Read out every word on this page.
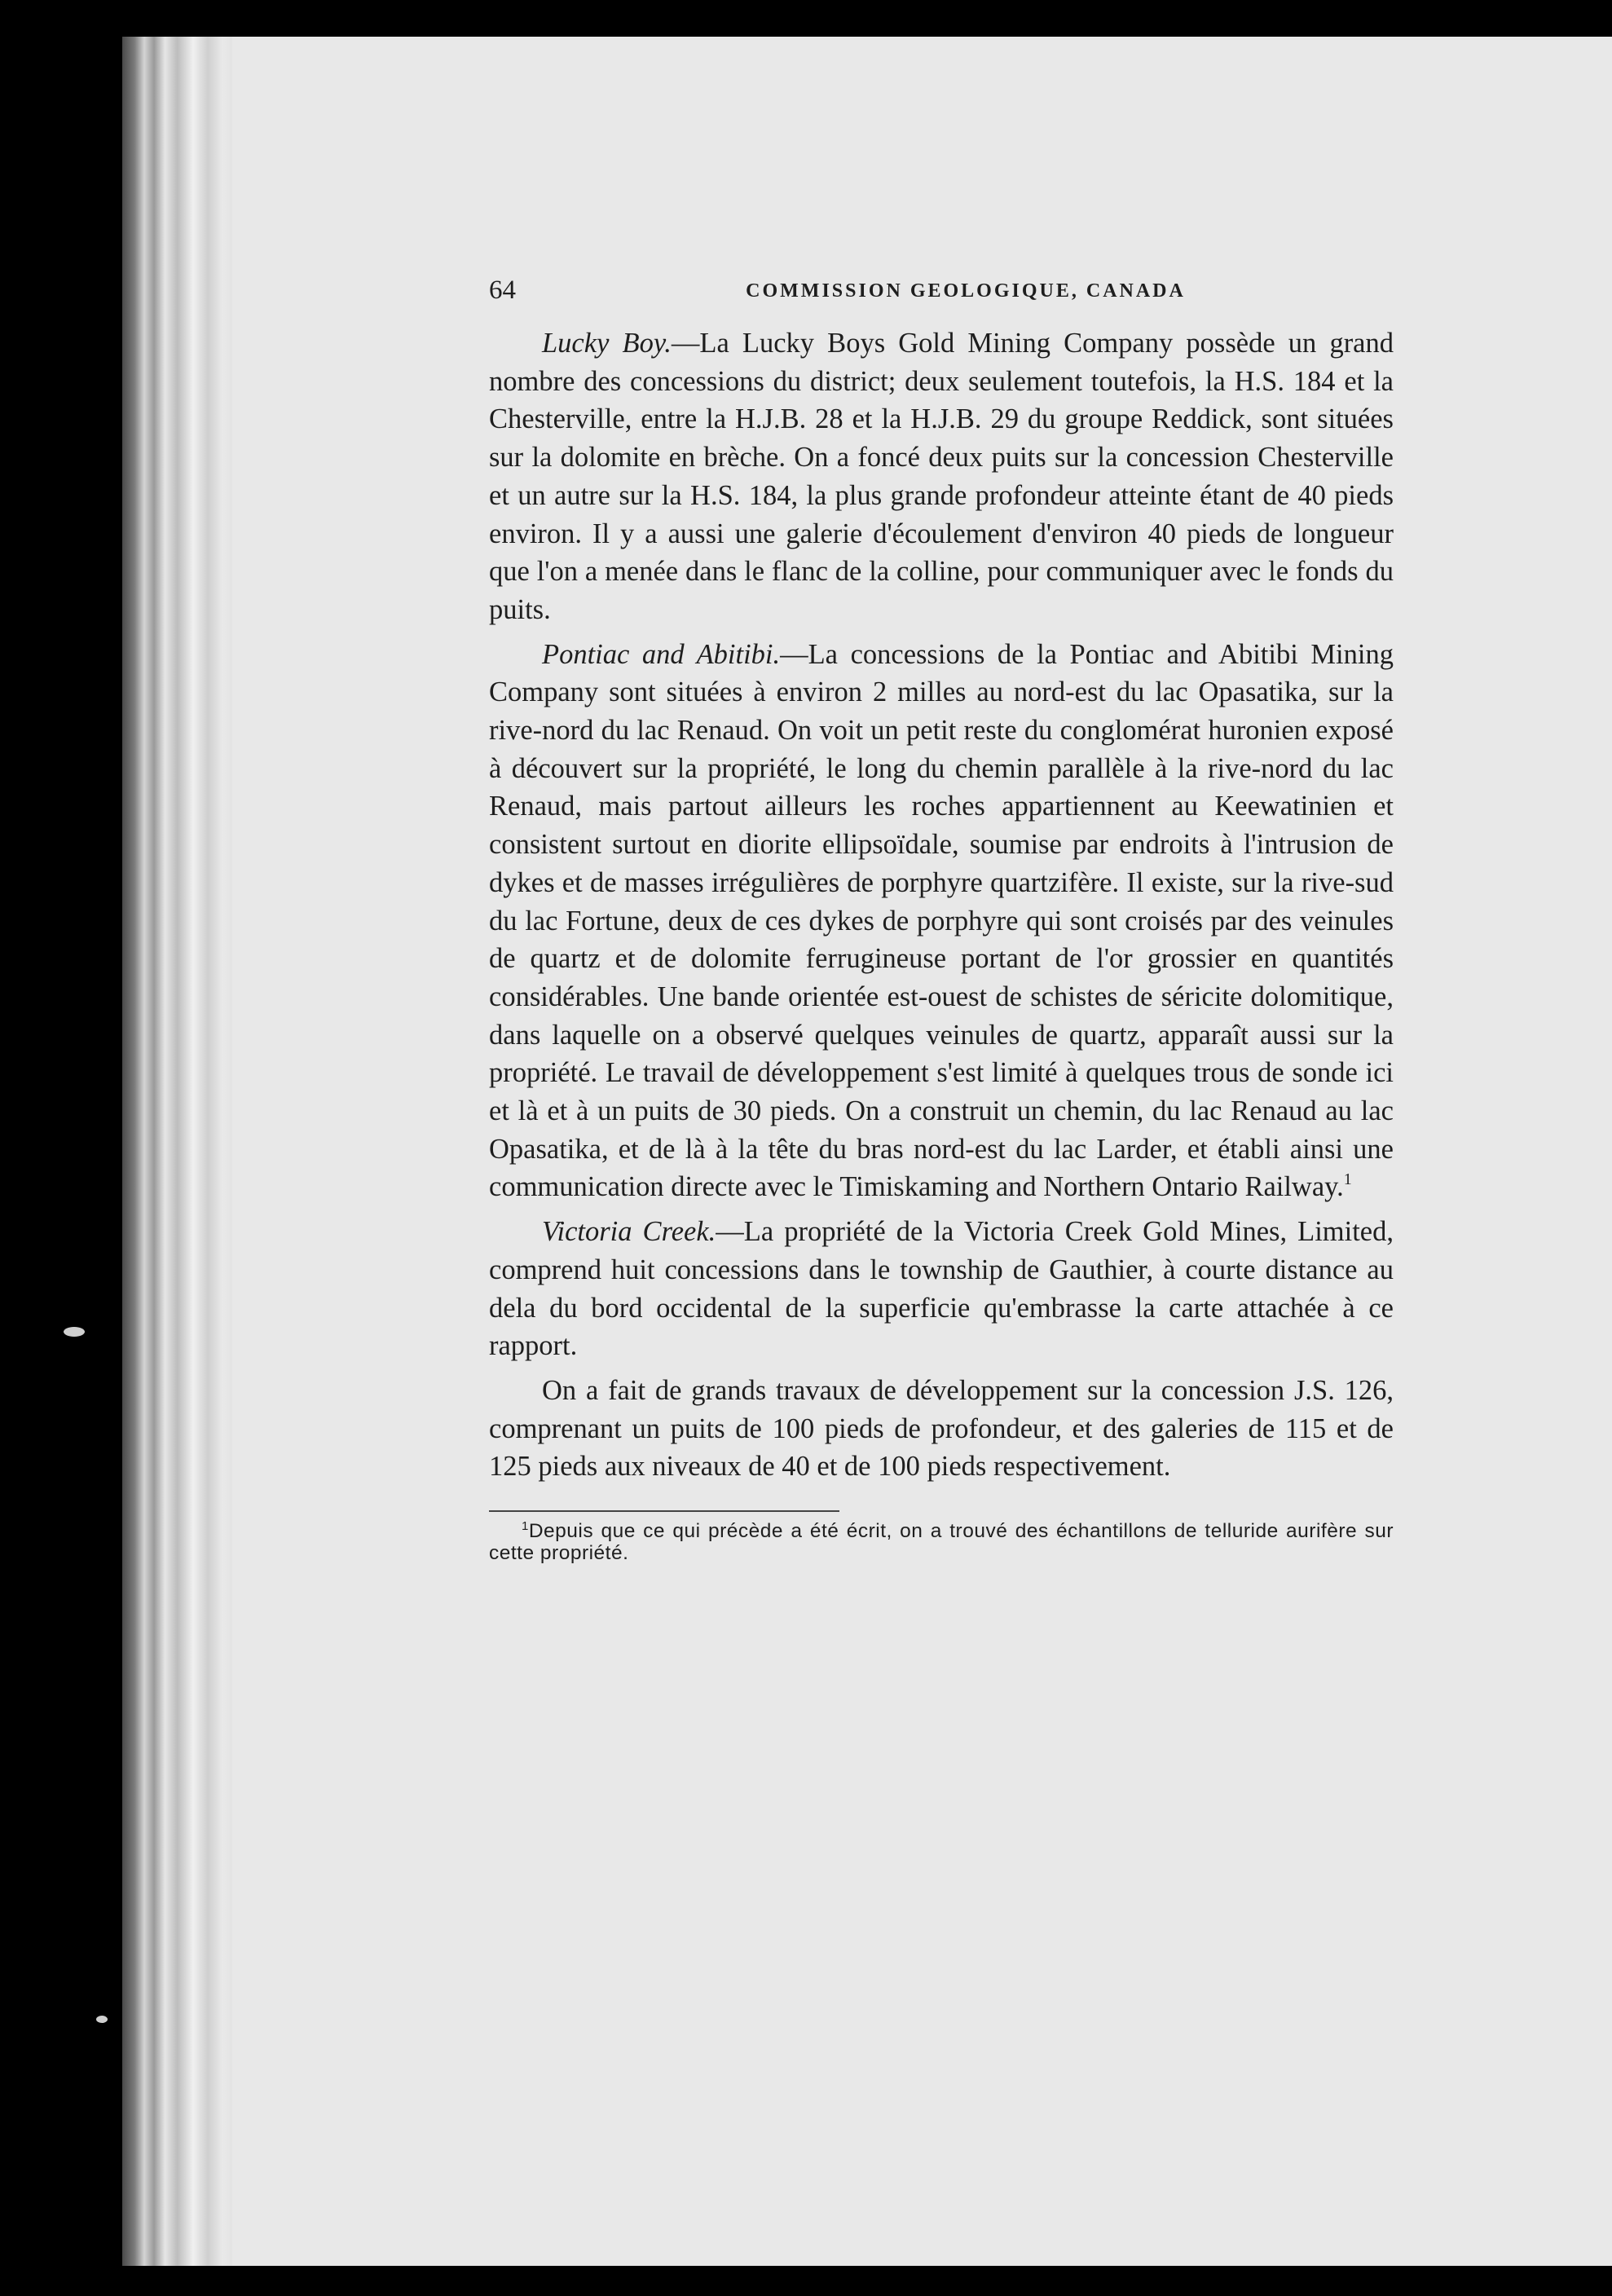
64	COMMISSION GEOLOGIQUE, CANADA

Lucky Boy.—La Lucky Boys Gold Mining Company possède un grand nombre des concessions du district; deux seulement toutefois, la H.S. 184 et la Chesterville, entre la H.J.B. 28 et la H.J.B. 29 du groupe Reddick, sont situées sur la dolomite en brèche. On a foncé deux puits sur la concession Chesterville et un autre sur la H.S. 184, la plus grande profondeur atteinte étant de 40 pieds environ. Il y a aussi une galerie d'écoulement d'environ 40 pieds de longueur que l'on a menée dans le flanc de la colline, pour communiquer avec le fonds du puits.

Pontiac and Abitibi.—La concessions de la Pontiac and Abitibi Mining Company sont situées à environ 2 milles au nord-est du lac Opasatika, sur la rive-nord du lac Renaud. On voit un petit reste du conglomérat huronien exposé à découvert sur la propriété, le long du chemin parallèle à la rive-nord du lac Renaud, mais partout ailleurs les roches appartiennent au Keewatinien et consistent surtout en diorite ellipsoïdale, soumise par endroits à l'intrusion de dykes et de masses irrégulières de porphyre quartzifère. Il existe, sur la rive-sud du lac Fortune, deux de ces dykes de porphyre qui sont croisés par des veinules de quartz et de dolomite ferrugineuse portant de l'or grossier en quantités considérables. Une bande orientée est-ouest de schistes de séricite dolomitique, dans laquelle on a observé quelques veinules de quartz, apparaît aussi sur la propriété. Le travail de développement s'est limité à quelques trous de sonde ici et là et à un puits de 30 pieds. On a construit un chemin, du lac Renaud au lac Opasatika, et de là à la tête du bras nord-est du lac Larder, et établi ainsi une communication directe avec le Timiskaming and Northern Ontario Railway.$^1$

Victoria Creek.—La propriété de la Victoria Creek Gold Mines, Limited, comprend huit concessions dans le township de Gauthier, à courte distance au dela du bord occidental de la superficie qu'embrasse la carte attachée à ce rapport.

On a fait de grands travaux de développement sur la concession J.S. 126, comprenant un puits de 100 pieds de profondeur, et des galeries de 115 et de 125 pieds aux niveaux de 40 et de 100 pieds respectivement.

$^1$Depuis que ce qui précède a été écrit, on a trouvé des échantillons de telluride aurifère sur cette propriété.
